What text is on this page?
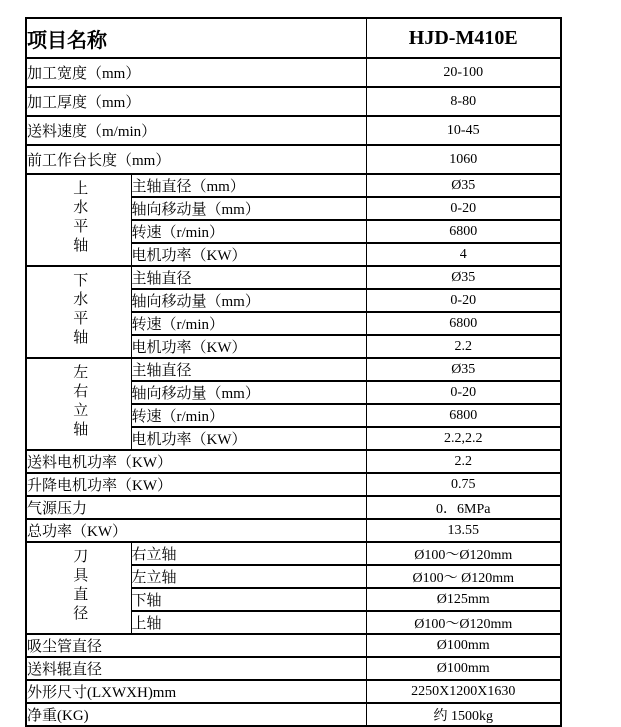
项目名称		HJD-M410E
加工宽度（mm）		20-100
加工厚度（mm）		8-80
送料速度（m/min）		10-45
前工作台长度（mm）		1060
上水平轴	主轴直径（mm）	Ø35
	轴向移动量（mm）	0-20
	转速（r/min）	6800
	电机功率（KW）	4
下水平轴	主轴直径	Ø35
	轴向移动量（mm）	0-20
	转速（r/min）	6800
	电机功率（KW）	2.2
左右立轴	主轴直径	Ø35
	轴向移动量（mm）	0-20
	转速（r/min）	6800
	电机功率（KW）	2.2,2.2
送料电机功率（KW）		2.2
升降电机功率（KW）		0.75
气源压力		0．6MPa
总功率（KW）		13.55
刀具直径	右立轴	Ø100～Ø120mm
	左立轴	Ø100～ Ø120mm
	下轴	Ø125mm
	上轴	Ø100～Ø120mm
吸尘管直径		Ø100mm
送料辊直径		Ø100mm
外形尺寸(LXWXH)mm		2250X1200X1630
净重(KG)		约 1500kg
